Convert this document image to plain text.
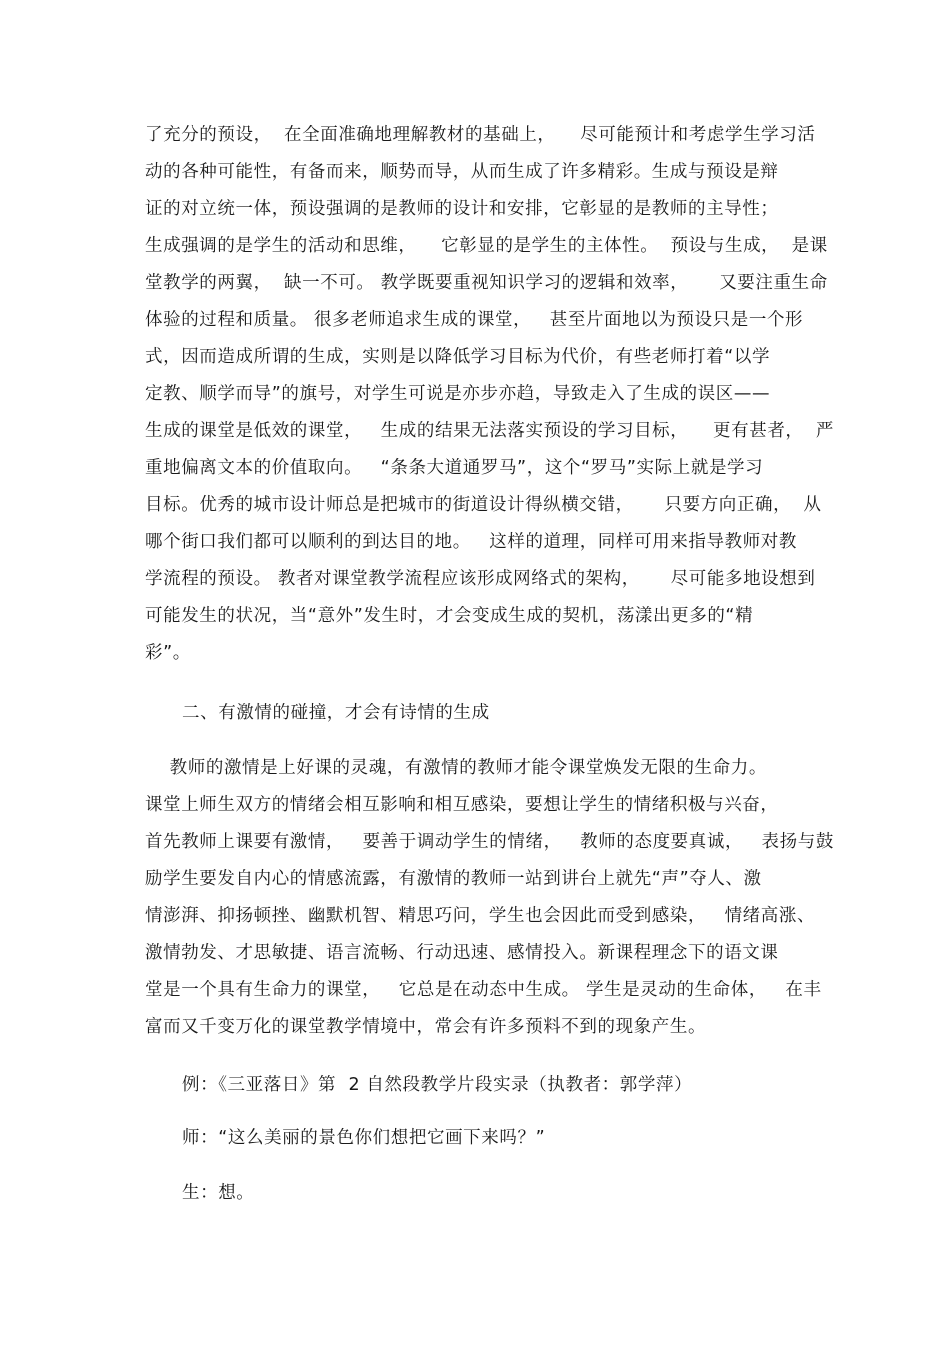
了充分的预设，  在全面准确地理解教材的基础上，    尽可能预计和考虑学生学习活
动的各种可能性，有备而来，顺势而导，从而生成了许多精彩。生成与预设是辩
证的对立统一体，预设强调的是教师的设计和安排，它彰显的是教师的主导性；
生成强调的是学生的活动和思维，    它彰显的是学生的主体性。  预设与生成，  是课
堂教学的两翼，  缺一不可。 教学既要重视知识学习的逻辑和效率，     又要注重生命
体验的过程和质量。 很多老师追求生成的课堂，   甚至片面地以为预设只是一个形
式，因而造成所谓的生成，实则是以降低学习目标为代价，有些老师打着“以学
定教、顺学而导”的旗号，对学生可说是亦步亦趋，导致走入了生成的误区——
生成的课堂是低效的课堂，   生成的结果无法落实预设的学习目标，    更有甚者，  严
重地偏离文本的价值取向。   “条条大道通罗马”，这个“罗马”实际上就是学习
目标。优秀的城市设计师总是把城市的街道设计得纵横交错，     只要方向正确，  从
哪个街口我们都可以顺利的到达目的地。   这样的道理，同样可用来指导教师对教
学流程的预设。 教者对课堂教学流程应该形成网络式的架构，     尽可能多地设想到
可能发生的状况，当“意外”发生时，才会变成生成的契机，荡漾出更多的“精
彩”。
二、有激情的碰撞，才会有诗情的生成
教师的激情是上好课的灵魂，有激情的教师才能令课堂焕发无限的生命力。
课堂上师生双方的情绪会相互影响和相互感染，要想让学生的情绪积极与兴奋，
首先教师上课要有激情，   要善于调动学生的情绪，   教师的态度要真诚，   表扬与鼓
励学生要发自内心的情感流露，有激情的教师一站到讲台上就先“声”夺人、激
情澎湃、抑扬顿挫、幽默机智、精思巧问，学生也会因此而受到感染，   情绪高涨、
激情勃发、才思敏捷、语言流畅、行动迅速、感情投入。新课程理念下的语文课
堂是一个具有生命力的课堂，   它总是在动态中生成。 学生是灵动的生命体，   在丰
富而又千变万化的课堂教学情境中，常会有许多预料不到的现象产生。
例：《三亚落日》第  2 自然段教学片段实录（执教者：郭学萍）
师：“这么美丽的景色你们想把它画下来吗？”
生：想。
